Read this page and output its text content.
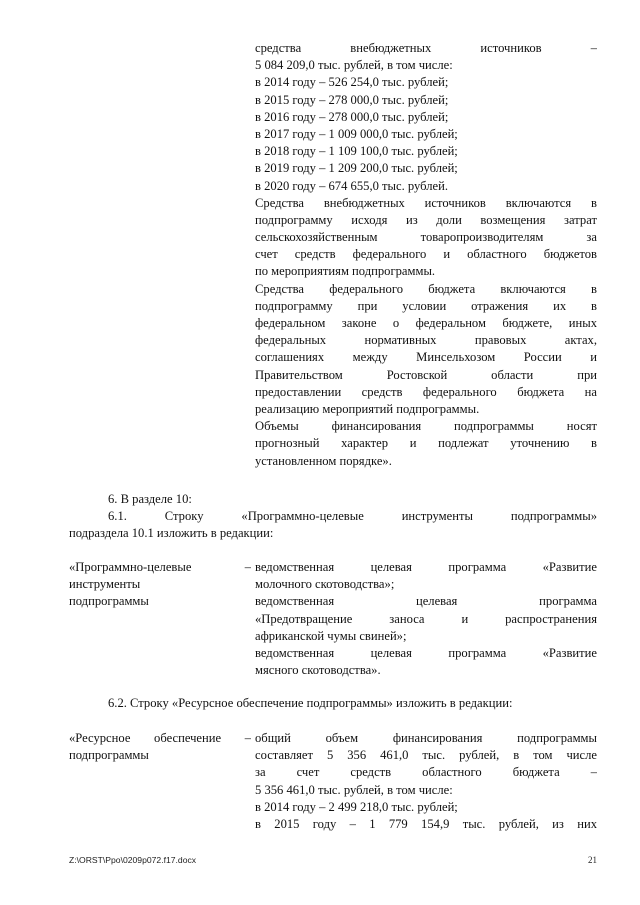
средства внебюджетных источников –
5 084 209,0 тыс. рублей, в том числе:
в 2014 году – 526 254,0 тыс. рублей;
в 2015 году – 278 000,0 тыс. рублей;
в 2016 году – 278 000,0 тыс. рублей;
в 2017 году – 1 009 000,0 тыс. рублей;
в 2018 году – 1 109 100,0 тыс. рублей;
в 2019 году – 1 209 200,0 тыс. рублей;
в 2020 году – 674 655,0 тыс. рублей.
Средства внебюджетных источников включаются в
подпрограмму исходя из доли возмещения затрат
сельскохозяйственным товаропроизводителям за
счет средств федерального и областного бюджетов
по мероприятиям подпрограммы.
Средства федерального бюджета включаются в
подпрограмму при условии отражения их в
федеральном законе о федеральном бюджете, иных
федеральных нормативных правовых актах,
соглашениях между Минсельхозом России и
Правительством Ростовской области при
предоставлении средств федерального бюджета на
реализацию мероприятий подпрограммы.
Объемы финансирования подпрограммы носят
прогнозный характер и подлежат уточнению в
установленном порядке».
6. В разделе 10:
6.1. Строку «Программно-целевые инструменты подпрограммы»
подраздела 10.1 изложить в редакции:
«Программно-целевые –
инструменты
подпрограммы
ведомственная целевая программа «Развитие
молочного скотоводства»;
ведомственная целевая программа
«Предотвращение заноса и распространения
африканской чумы свиней»;
ведомственная целевая программа «Развитие
мясного скотоводства».
6.2. Строку «Ресурсное обеспечение подпрограммы» изложить в редакции:
«Ресурсное обеспечение –
подпрограммы
общий объем финансирования подпрограммы
составляет 5 356 461,0 тыс. рублей, в том числе
за счет средств областного бюджета –
5 356 461,0 тыс. рублей, в том числе:
в 2014 году – 2 499 218,0 тыс. рублей;
в 2015 году – 1 779 154,9 тыс. рублей, из них
Z:\ORST\Ppo\0209p072.f17.docx	21
